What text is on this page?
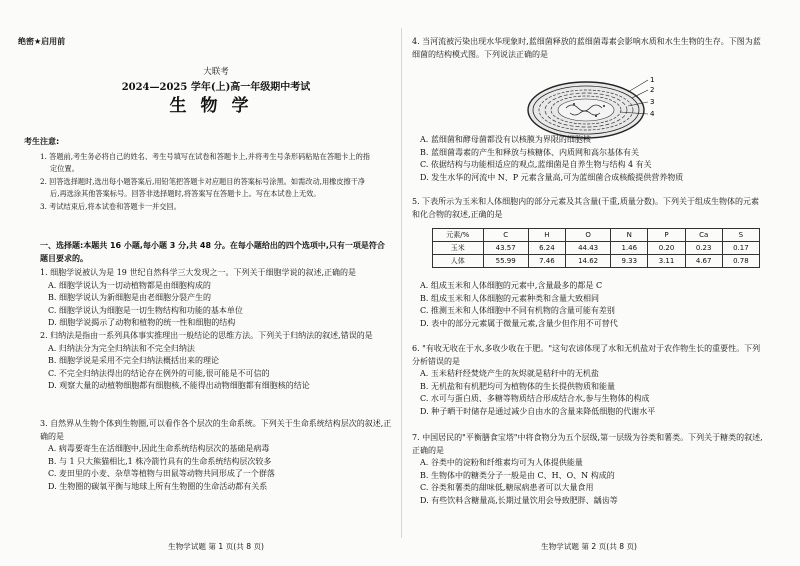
绝密★启用前
大联考
2024—2025 学年(上)高一年级期中考试
生物学
考生注意:

1. 答题前,考生务必将自己的姓名、考生号填写在试卷和答题卡上,并将考生号条形码粘贴在答题卡上的指定位置。

2. 回答选择题时,选出每小题答案后,用铅笔把答题卡对应题目的答案标号涂黑。如需改动,用橡皮擦干净后,再选涂其他答案标号。回答非选择题时,将答案写在答题卡上。写在本试卷上无效。

3. 考试结束后,将本试卷和答题卡一并交回。

一、选择题:本题共 16 小题,每小题 3 分,共 48 分。在每小题给出的四个选项中,只有一项是符合题目要求的。

1. 细胞学说被认为是 19 世纪自然科学三大发现之一。下列关于细胞学说的叙述,正确的是

A. 细胞学说认为一切动植物都是由细胞构成的

B. 细胞学说认为新细胞是由老细胞分裂产生的

C. 细胞学说认为细胞是一切生物结构和功能的基本单位

D. 细胞学说揭示了动物和植物的统一性和细胞的结构

2. 归纳法是指由一系列具体事实推理出一般结论的思维方法。下列关于归纳法的叙述,错误的是

A. 归纳法分为完全归纳法和不完全归纳法

B. 细胞学说是采用不完全归纳法概括出来的理论

C. 不完全归纳法得出的结论存在例外的可能,很可能是不可信的

D. 观察大量的动植物细胞都有细胞核,不能得出动物细胞都有细胞核的结论

3. 自然界从生物个体到生物圈,可以看作各个层次的生命系统。下列关于生命系统结构层次的叙述,正确的是

A. 病毒要寄生在活细胞中,因此生命系统结构层次的基础是病毒

B. 与 1 只大熊猫相比,1 株冷箭竹具有的生命系统结构层次较多

C. 麦田里的小麦、杂草等植物与田鼠等动物共同形成了一个群落

D. 生物圈的碳氧平衡与地球上所有生物圈的生命活动都有关系

生物学试题 第 1 页(共 8 页)

4. 当河流被污染出现水华现象时,蓝细菌释放的蓝细菌毒素会影响水质和水生生物的生存。下图为蓝细菌的结构模式图。下列说法正确的是

1
2
3
4

A. 蓝细菌和酵母菌都没有以核膜为界限的细胞核

B. 蓝细菌毒素的产生和释放与核糖体、内质网和高尔基体有关

C. 依据结构与功能相适应的观点,蓝细菌是自养生物与结构 4 有关

D. 发生水华的河流中 N、P 元素含量高,可为蓝细菌合成核酸提供营养物质

5. 下表所示为玉米和人体细胞内的部分元素及其含量(干重,质量分数)。下列关于组成生物体的元素和化合物的叙述,正确的是

元素/%	C	H	O	N	P	Ca	S
玉米	43.57	6.24	44.43	1.46	0.20	0.23	0.17
人体	55.99	7.46	14.62	9.33	3.11	4.67	0.78

A. 组成玉米和人体细胞的元素中,含量最多的都是 C

B. 组成玉米和人体细胞的元素种类和含量大致相同

C. 推测玉米和人体细胞中不同有机物的含量可能有差别

D. 表中的部分元素属于微量元素,含量少但作用不可替代

6. "有收无收在于水,多收少收在于肥。"这句农谚体现了水和无机盐对于农作物生长的重要性。下列分析错误的是

A. 玉米秸秆经焚烧产生的灰烬就是秸秆中的无机盐

B. 无机盐和有机肥均可为植物体的生长提供物质和能量

C. 水可与蛋白质、多糖等物质结合形成结合水,参与生物体的构成

D. 种子晒干时储存是通过减少自由水的含量来降低细胞的代谢水平

7. 中国居民的"平衡膳食宝塔"中将食物分为五个层级,第一层级为谷类和薯类。下列关于糖类的叙述,正确的是

A. 谷类中的淀粉和纤维素均可为人体提供能量

B. 生物体中的糖类分子一般是由 C、H、O、N 构成的

C. 谷类和薯类的甜味低,糖尿病患者可以大量食用

D. 有些饮料含糖量高,长期过量饮用会导致肥胖、龋齿等

生物学试题 第 2 页(共 8 页)
